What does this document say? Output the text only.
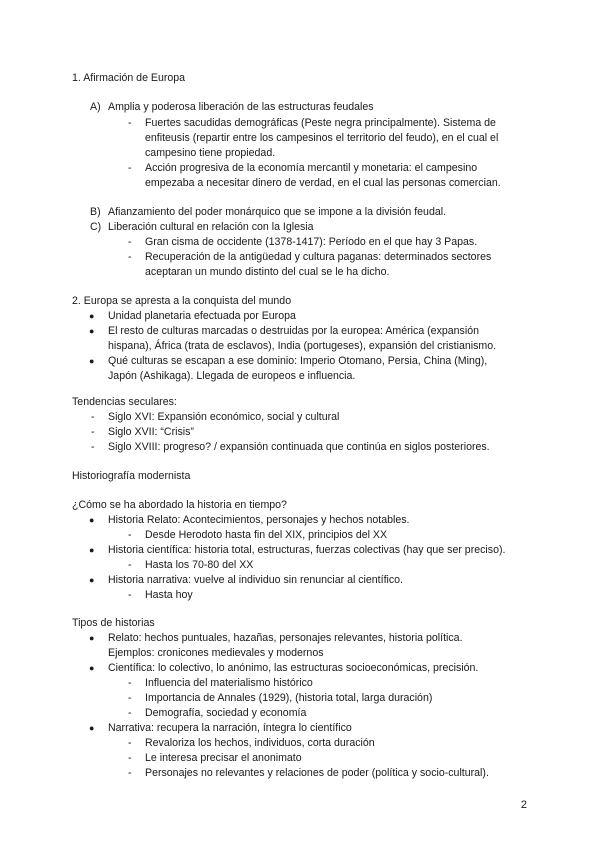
1. Afirmación de Europa
A) Amplia y poderosa liberación de las estructuras feudales
- Fuertes sacudidas demográficas (Peste negra principalmente). Sistema de
enfiteusis (repartir entre los campesinos el territorio del feudo), en el cual el
campesino tiene propiedad.
- Acción progresiva de la economía mercantil y monetaria: el campesino
empezaba a necesitar dinero de verdad, en el cual las personas comercian.
B) Afianzamiento del poder monárquico que se impone a la división feudal.
C) Liberación cultural en relación con la Iglesia
- Gran cisma de occidente (1378-1417): Período en el que hay 3 Papas.
- Recuperación de la antigüedad y cultura paganas: determinados sectores
aceptaran un mundo distinto del cual se le ha dicho.
2. Europa se apresta a la conquista del mundo
● Unidad planetaria efectuada por Europa
● El resto de culturas marcadas o destruidas por la europea: América (expansión
hispana), África (trata de esclavos), India (portugeses), expansión del cristianismo.
● Qué culturas se escapan a ese dominio: Imperio Otomano, Persia, China (Ming),
Japón (Ashikaga). Llegada de europeos e influencia.
Tendencias seculares:
- Siglo XVI: Expansión económico, social y cultural
- Siglo XVII: “Crisis”
- Siglo XVIII: progreso? / expansión continuada que continúa en siglos posteriores.
Historiografía modernista
¿Cómo se ha abordado la historia en tiempo?
● Historia Relato: Acontecimientos, personajes y hechos notables.
- Desde Herodoto hasta fin del XIX, principios del XX
● Historia científica: historia total, estructuras, fuerzas colectivas (hay que ser preciso).
- Hasta los 70-80 del XX
● Historia narrativa: vuelve al individuo sin renunciar al científico.
- Hasta hoy
Tipos de historias
● Relato: hechos puntuales, hazañas, personajes relevantes, historia política.
Ejemplos: cronicones medievales y modernos
● Científica: lo colectivo, lo anónimo, las estructuras socioeconómicas, precisión.
- Influencia del materialismo histórico
- Importancia de Annales (1929), (historia total, larga duración)
- Demografía, sociedad y economía
● Narrativa: recupera la narración, íntegra lo científico
- Revaloriza los hechos, individuos, corta duración
- Le interesa precisar el anonimato
- Personajes no relevantes y relaciones de poder (política y socio-cultural).
2
